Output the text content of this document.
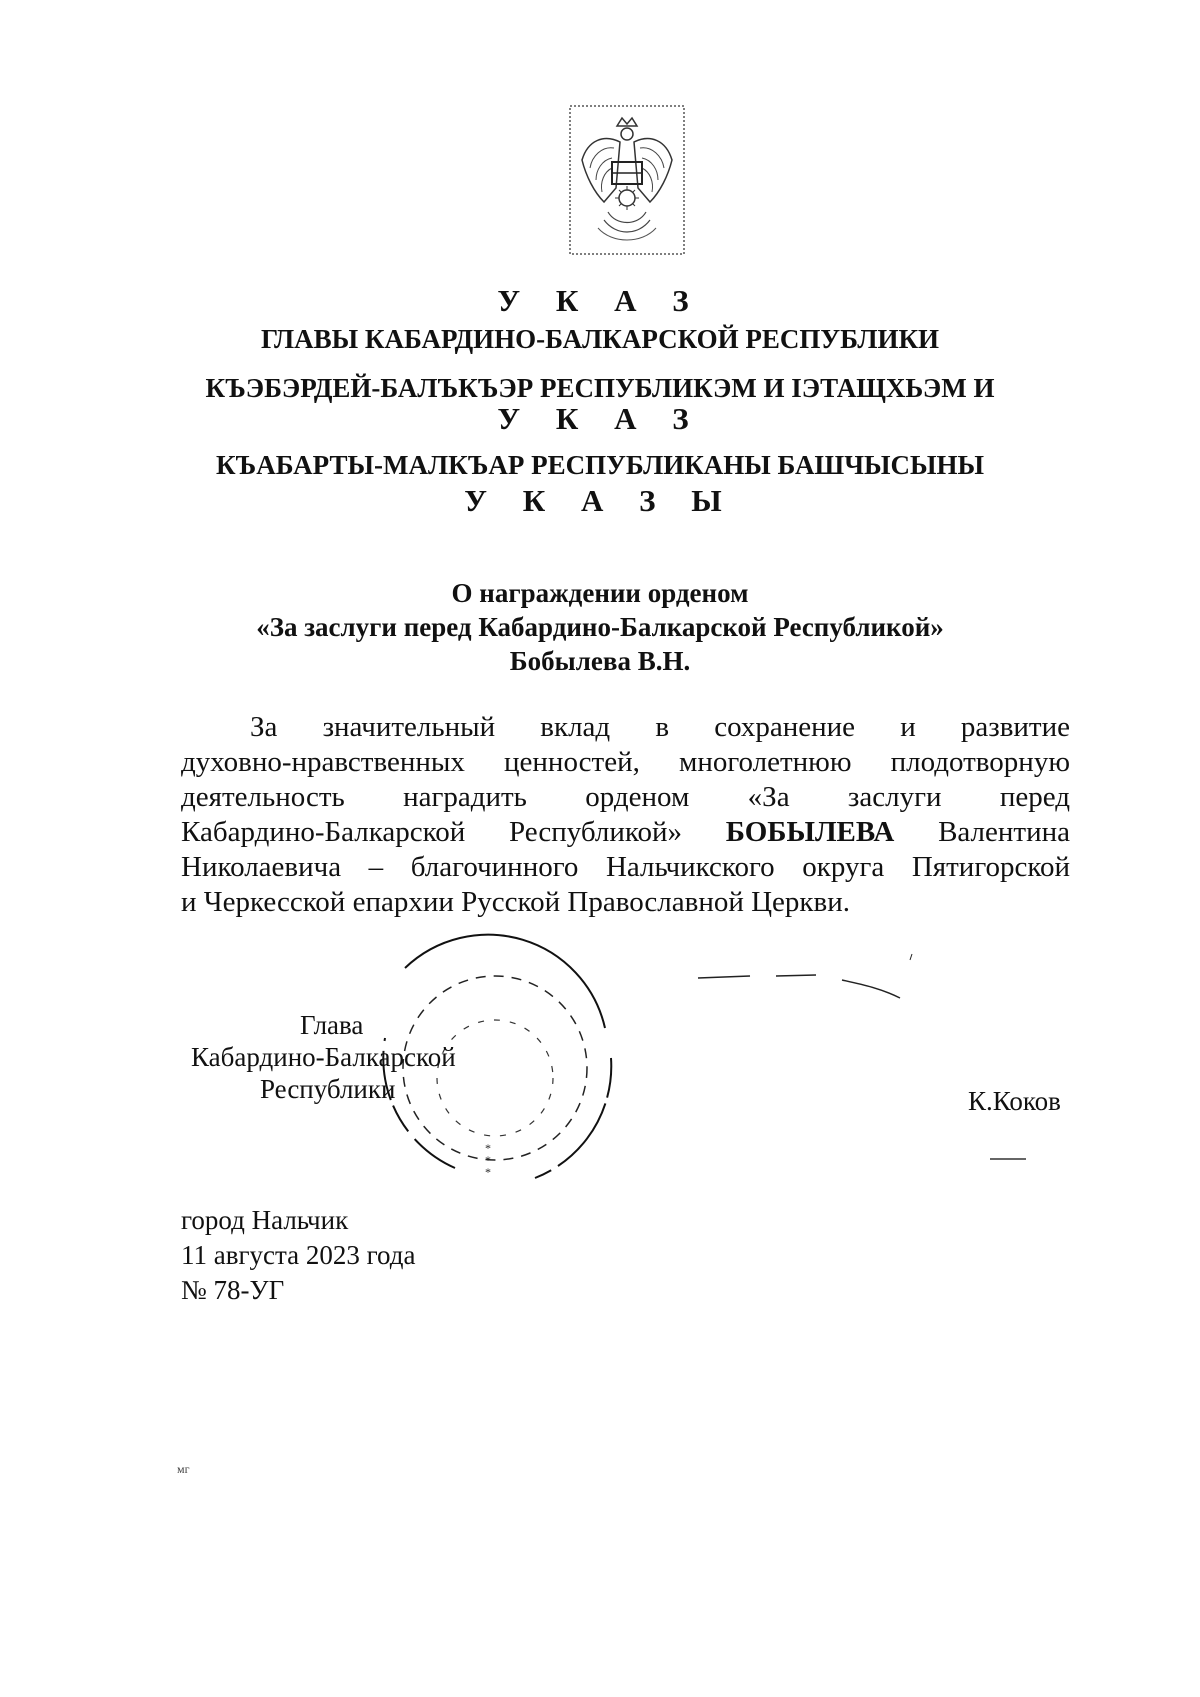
У К А З
ГЛАВЫ КАБАРДИНО-БАЛКАРСКОЙ РЕСПУБЛИКИ
КЪЭБЭРДЕЙ-БАЛЪКЪЭР РЕСПУБЛИКЭМ И ІЭТАЩХЬЭМ И
У К А З
КЪАБАРТЫ-МАЛКЪАР РЕСПУБЛИКАНЫ БАШЧЫСЫНЫ
У К А З Ы
О награждении орденом
«За заслуги перед Кабардино-Балкарской Республикой»
Бобылева В.Н.
За значительный вклад в сохранение и развитие
духовно-нравственных ценностей, многолетнюю плодотворную
деятельность наградить орденом «За заслуги перед
Кабардино-Балкарской Республикой» БОБЫЛЕВА Валентина
Николаевича – благочинного Нальчикского округа Пятигорской
и Черкесской епархии Русской Православной Церкви.
*
*
*
Глава
Кабардино-Балкарской
Республики	К.Коков
город Нальчик
11 августа 2023 года
№ 78-УГ
мг
